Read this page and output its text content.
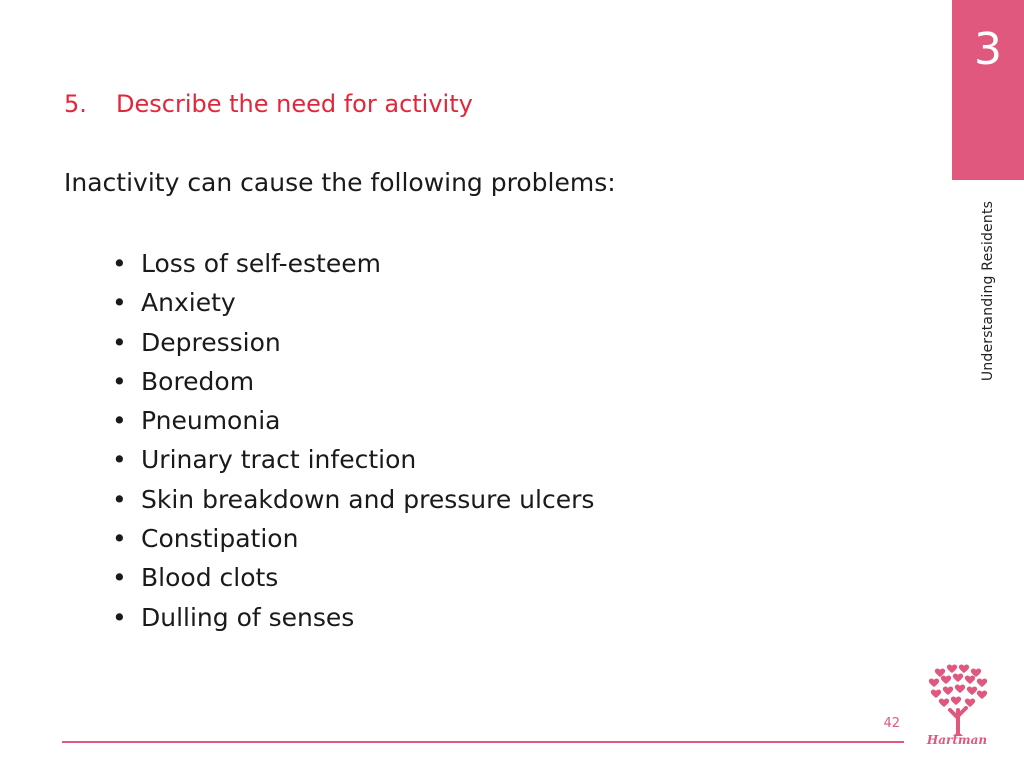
3
Understanding Residents
5. Describe the need for activity
Inactivity can cause the following problems:
• Loss of self-esteem
• Anxiety
• Depression
• Boredom
• Pneumonia
• Urinary tract infection
• Skin breakdown and pressure ulcers
• Constipation
• Blood clots
• Dulling of senses
42
Hartman
